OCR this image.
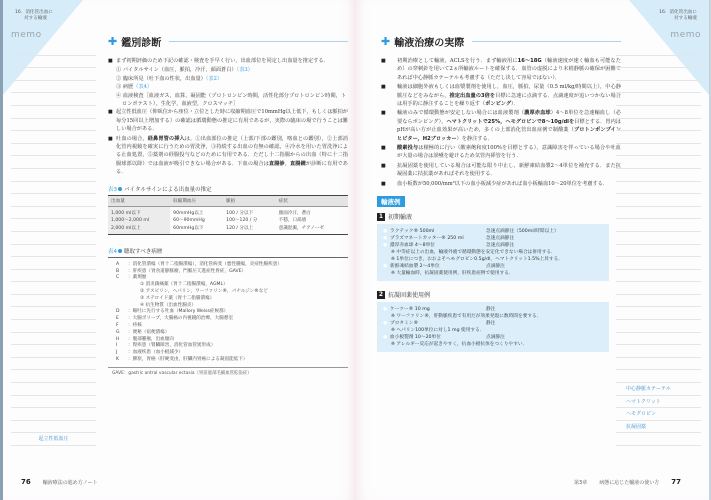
16. 消化管出血に
対する輸液
memo
起立性低血圧
✚ 鑑別診断
■ まず初期評価のため下記の確認・検査を手早く行い，出血部位を同定し出血量を推定する．
① バイタルサイン（血圧，脈拍，冷汗，顔面蒼白）（表3）
② 臨床所見（吐下血の性状，出血量）（表2）
③ 病歴（表4）
④ 血液検査［血液ガス，血算，凝固能（プロトロンビン時間，活性化部分プロトロンビン時間，トロンボテスト），生化学，血液型，クロスマッチ］
■ 起立性低血圧（仰臥位から座位・立位とした時に収縮期血圧で10mmHg以上低下，もしくは脈拍が毎分15回以上増加する）の確認は循環動態の推定に有用であるが，実際の臨床の場で行うことは難しい場合がある．
■ 吐血の場合，経鼻胃管の挿入は，①出血部位の推定（上部/下部の鑑別，喀血との鑑別），②上部消化管内視鏡を確実に行うための胃洗浄，③持続する出血の有無の確認，④冷水を用いた胃洗浄による止血処置，⑤薬剤の経腸投与などのために有用である．ただし十二指腸からの出血（特に十二指腸球部以降）では血液が吸引できない場合がある．下血の場合は直腸診，直腸鏡が診断に有用である．
表3 バイタルサインによる出血量の推定
出血量	収縮期血圧	脈拍	症状
1,000 ml以下	90mmHg以上	100 / 分以下	顔面冷汗，蒼白
1,000～2,000 ml	60～90mmHg	100～120 / 分	不穏，口渇感
2,000 ml以上	60mmHg以下	120 / 分以上	意識混濁，チアノーゼ
表4 聴取すべき病歴
A ：消化管潰瘍（胃十二指腸潰瘍），消化管病変（悪性腫瘍，炎症性腸疾患）
B ：肝疾患（胃食道静脈瘤，門脈圧亢進症性胃症，GAVE）
C ：薬剤歴
① 消炎鎮痛薬（胃十二指腸潰瘍，AGML）
② アスピリン，ヘパリン，ワーファリン®，パナルジン®など
③ ステロイド薬（胃十二指腸潰瘍）
④ 抗生物質（出血性腸炎）
D ：嘔吐に先行する吐血（Mallory Weiss症候群）
E ：大腸ポリープ，大腸癌の内視鏡的治療，大腸憩室
F ：痔核
G ：便秘（宿便潰瘍）
H ：腹部腫瘤，出血傾向
I ：腎疾患（腎臓障害，消化管血管異形成）
J ：血液疾患（血小板減少）
K ：膠原，胃癌（肝硬変由，肝臓内胃癌による凝固能低下）
GAVE：gastric antral vascular ectasia（胃前庭部毛細血管拡張症）
76 輸液療法の進め方ノート
16. 消化管出血に
対する輸液
✚ 輸液治療の実際
■ 初期治療として輸液，ACLSを行う．まず輸液用に16～18G（輸液速度が速く輸血も可能なため）の穿刺針を用いて2ヵ所輸液ルートを確保する．血管の虚脱により末梢静脈の確保が困難であれば中心静脈カテーテルも考慮する（ただし決して容易ではない）．
■ 輸液は細胞外液もしくは血漿製剤を使用し，血圧，脈拍，尿量（0.5 ml/kg/時間以上），中心静脈圧などをみながら，推定出血量の3倍を目標に急速に点滴する．点滴速度が追いつかない場合は用手的に静注することを繰り返す（ポンピング）．
■ 輸液のみで循環動態が安定しない場合には血液製剤（濃厚赤血球）4～8単位を急速輸血し（必要ならポンピング），ヘマトクリットで25%，ヘモグロビンで8～10g/dlを目標とする．胃内はpHが高い方が止血効果が高いため，多くの上部消化管出血症例で制酸薬（プロトンポンプインヒビター，H2ブロッカー）を静注する．
■ 酸素投与は積極的に行い（酸素飽和度100%を目標とする），意識障害を伴っている場合や吐血が大量の場合は誤嚥を避けるため気管内挿管を行う．
■ 抗凝固薬を使用している場合は可能な限り中止し，新鮮凍結血漿2～4単位を補充する．また抗凝固薬に拮抗薬があればそれを使用する．
■ 血小板数が50,000/mm³以下の血小板減少症があれば血小板輸血10～20単位を考慮する．
輸液例
1 初期輸液
● ラクテック® 500ml	急速点滴静注（500ml/時間以上）
● プラズマネートカッター® 250 ml	急速点滴静注
● 濃厚赤血球 4～8単位	急速点滴静注
※ 中等症以上の出血，輸液外液で循環動態を安定化できない場合は併用する．
※ 1単位につき，おおよそヘモグロビン0.5g/dl，ヘマトクリット1.5%上昇する．
● 新鮮凍結血漿 2～4単位	点滴静注
※ 大量輸血時，抗凝固薬使用例，肝疾患症例で使用する．
2 抗凝固薬使用例
● ケーツー® 10 mg	静注
※ ワーファリン®，肝動脈疾患で有用だが効果発現に数時間を要する．
● プロタミン®	静注
※ ヘパリン100単位に対し1 mg 使用する．
● 血小板製剤 10～20単位	点滴静注
※ アレルギー反応が起きやすく，抗血小板抗体をつくりやすい．
memo
中心静脈カテーテル
ヘマトクリット
ヘモグロビン
抗凝固薬
第3章 病態に応じた輸液の使い方 77
